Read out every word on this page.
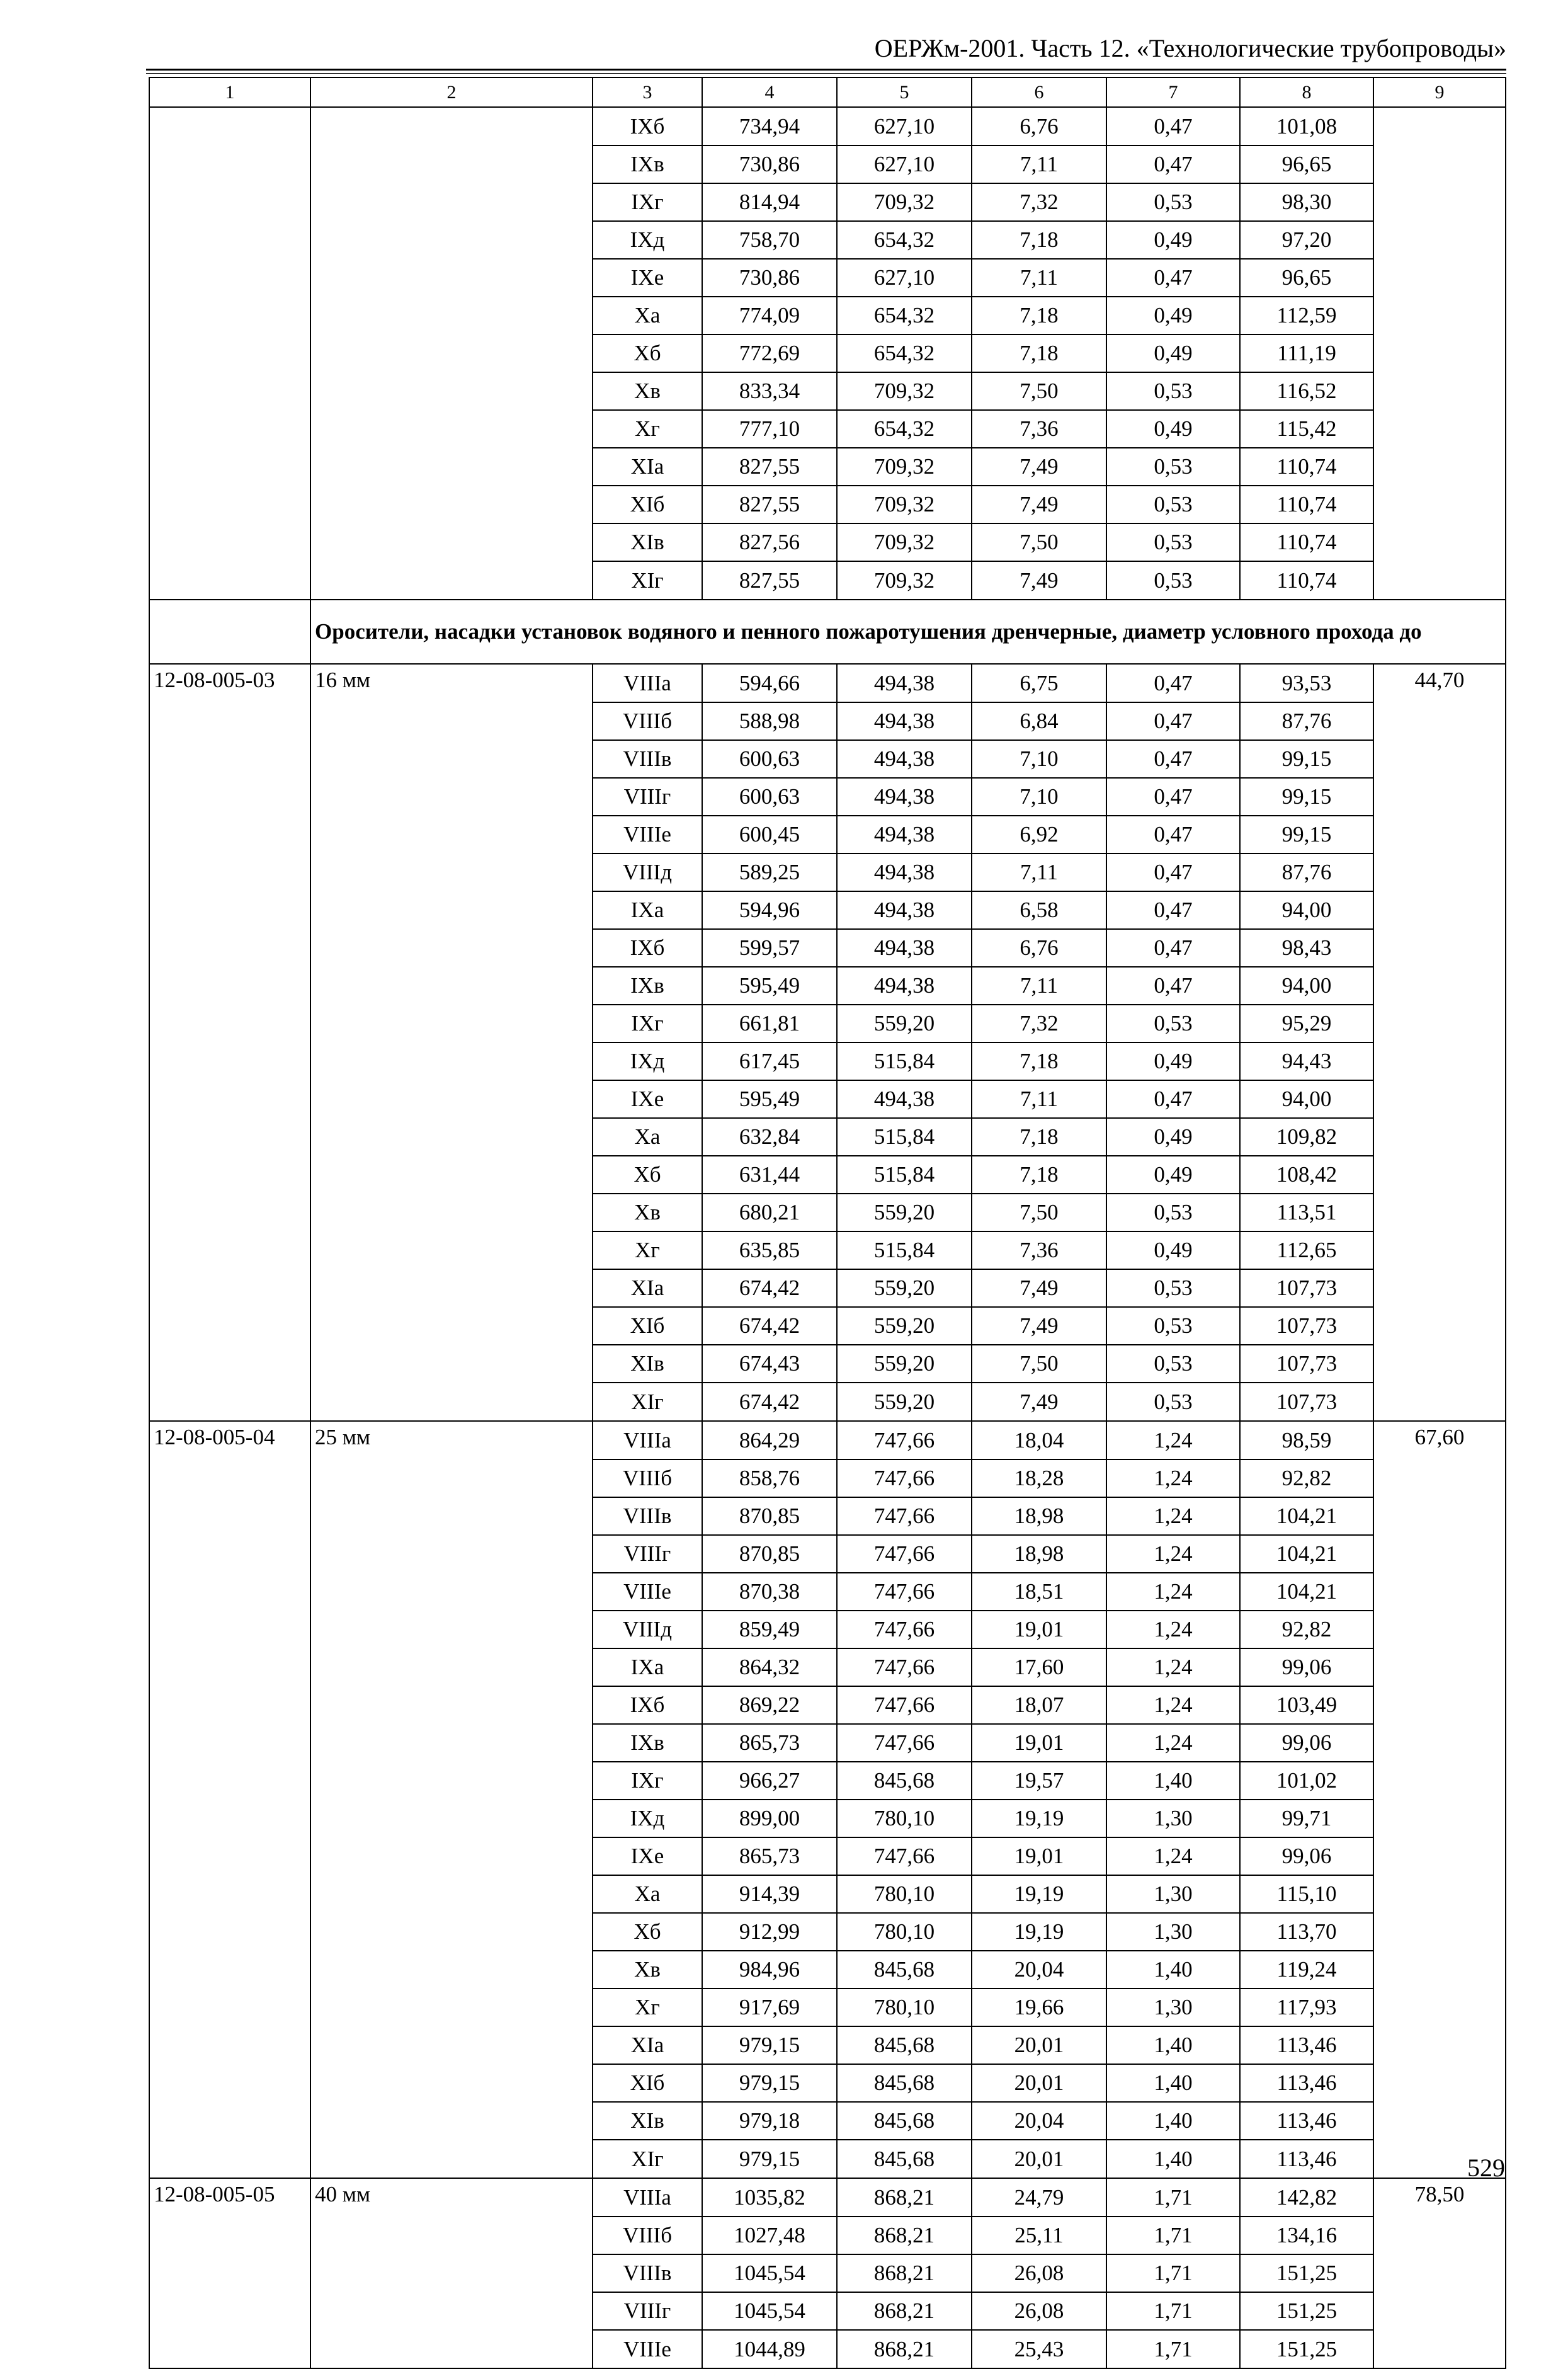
ОЕРЖм-2001. Часть 12. «Технологические трубопроводы»
1	2	3	4	5	6	7	8	9
		IXб	734,94	627,10	6,76	0,47	101,08	
		IXв	730,86	627,10	7,11	0,47	96,65	
		IXг	814,94	709,32	7,32	0,53	98,30	
		IXд	758,70	654,32	7,18	0,49	97,20	
		IXе	730,86	627,10	7,11	0,47	96,65	
		Xа	774,09	654,32	7,18	0,49	112,59	
		Xб	772,69	654,32	7,18	0,49	111,19	
		Xв	833,34	709,32	7,50	0,53	116,52	
		Xг	777,10	654,32	7,36	0,49	115,42	
		XIа	827,55	709,32	7,49	0,53	110,74	
		XIб	827,55	709,32	7,49	0,53	110,74	
		XIв	827,56	709,32	7,50	0,53	110,74	
		XIг	827,55	709,32	7,49	0,53	110,74	
	Оросители, насадки установок водяного и пенного пожаротушения дренчерные, диаметр условного прохода до							
12-08-005-03	16 мм	VIIIа	594,66	494,38	6,75	0,47	93,53	44,70
		VIIIб	588,98	494,38	6,84	0,47	87,76	
		VIIIв	600,63	494,38	7,10	0,47	99,15	
		VIIIг	600,63	494,38	7,10	0,47	99,15	
		VIIIе	600,45	494,38	6,92	0,47	99,15	
		VIIIд	589,25	494,38	7,11	0,47	87,76	
		IXа	594,96	494,38	6,58	0,47	94,00	
		IXб	599,57	494,38	6,76	0,47	98,43	
		IXв	595,49	494,38	7,11	0,47	94,00	
		IXг	661,81	559,20	7,32	0,53	95,29	
		IXд	617,45	515,84	7,18	0,49	94,43	
		IXе	595,49	494,38	7,11	0,47	94,00	
		Xа	632,84	515,84	7,18	0,49	109,82	
		Xб	631,44	515,84	7,18	0,49	108,42	
		Xв	680,21	559,20	7,50	0,53	113,51	
		Xг	635,85	515,84	7,36	0,49	112,65	
		XIа	674,42	559,20	7,49	0,53	107,73	
		XIб	674,42	559,20	7,49	0,53	107,73	
		XIв	674,43	559,20	7,50	0,53	107,73	
		XIг	674,42	559,20	7,49	0,53	107,73	
12-08-005-04	25 мм	VIIIа	864,29	747,66	18,04	1,24	98,59	67,60
		VIIIб	858,76	747,66	18,28	1,24	92,82	
		VIIIв	870,85	747,66	18,98	1,24	104,21	
		VIIIг	870,85	747,66	18,98	1,24	104,21	
		VIIIе	870,38	747,66	18,51	1,24	104,21	
		VIIIд	859,49	747,66	19,01	1,24	92,82	
		IXа	864,32	747,66	17,60	1,24	99,06	
		IXб	869,22	747,66	18,07	1,24	103,49	
		IXв	865,73	747,66	19,01	1,24	99,06	
		IXг	966,27	845,68	19,57	1,40	101,02	
		IXд	899,00	780,10	19,19	1,30	99,71	
		IXе	865,73	747,66	19,01	1,24	99,06	
		Xа	914,39	780,10	19,19	1,30	115,10	
		Xб	912,99	780,10	19,19	1,30	113,70	
		Xв	984,96	845,68	20,04	1,40	119,24	
		Xг	917,69	780,10	19,66	1,30	117,93	
		XIа	979,15	845,68	20,01	1,40	113,46	
		XIб	979,15	845,68	20,01	1,40	113,46	
		XIв	979,18	845,68	20,04	1,40	113,46	
		XIг	979,15	845,68	20,01	1,40	113,46	
12-08-005-05	40 мм	VIIIа	1035,82	868,21	24,79	1,71	142,82	78,50
		VIIIб	1027,48	868,21	25,11	1,71	134,16	
		VIIIв	1045,54	868,21	26,08	1,71	151,25	
		VIIIг	1045,54	868,21	26,08	1,71	151,25	
		VIIIе	1044,89	868,21	25,43	1,71	151,25	
529
